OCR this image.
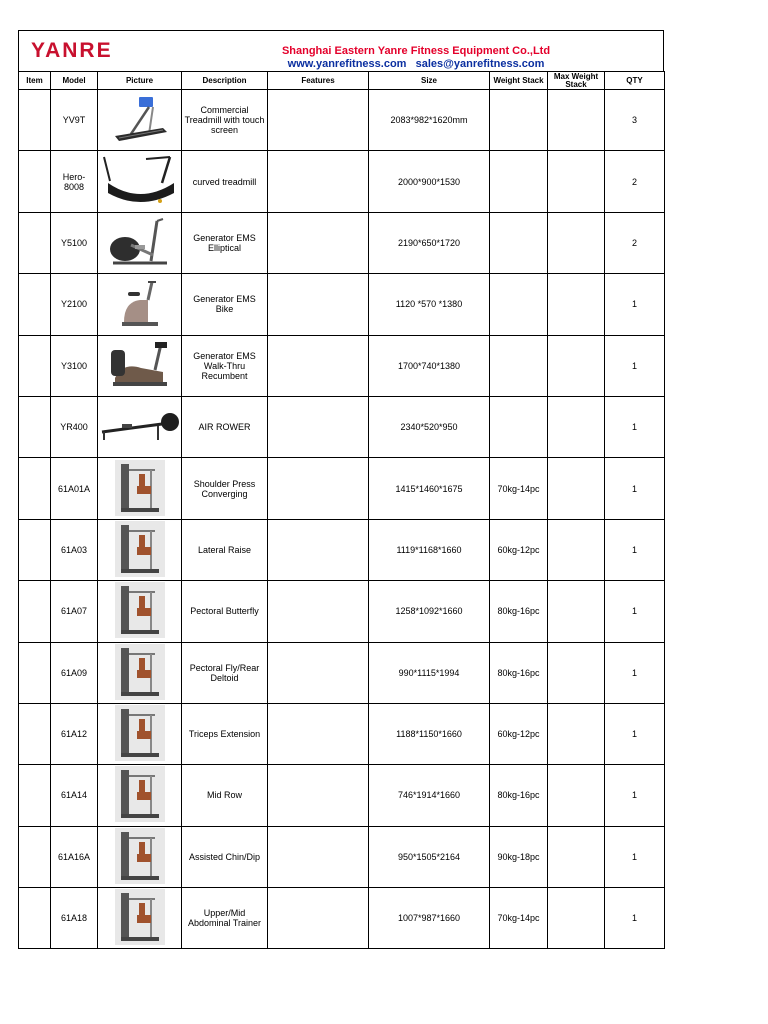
YANRE	Shanghai Eastern Yanre Fitness Equipment Co.,Ltd
www.yanrefitness.com sales@yanrefitness.com
Item	Model	Picture	Description	Features	Size	Weight Stack	Max Weight Stack	QTY
	YV9T		Commercial Treadmill with touch screen		2083*982*1620mm			3
	Hero-8008		curved treadmill		2000*900*1530			2
	Y5100		Generator EMS Elliptical		2190*650*1720			2
	Y2100		Generator EMS Bike		1120 *570 *1380			1
	Y3100		Generator EMS Walk-Thru Recumbent		1700*740*1380			1
	YR400		AIR ROWER		2340*520*950			1
	61A01A		Shoulder Press Converging		1415*1460*1675	70kg-14pc		1
	61A03		Lateral Raise		1119*1168*1660	60kg-12pc		1
	61A07		Pectoral Butterfly		1258*1092*1660	80kg-16pc		1
	61A09		Pectoral Fly/Rear Deltoid		990*1115*1994	80kg-16pc		1
	61A12		Triceps Extension		1188*1150*1660	60kg-12pc		1
	61A14		Mid Row		746*1914*1660	80kg-16pc		1
	61A16A		Assisted Chin/Dip		950*1505*2164	90kg-18pc		1
	61A18		Upper/Mid Abdominal Trainer		1007*987*1660	70kg-14pc		1
